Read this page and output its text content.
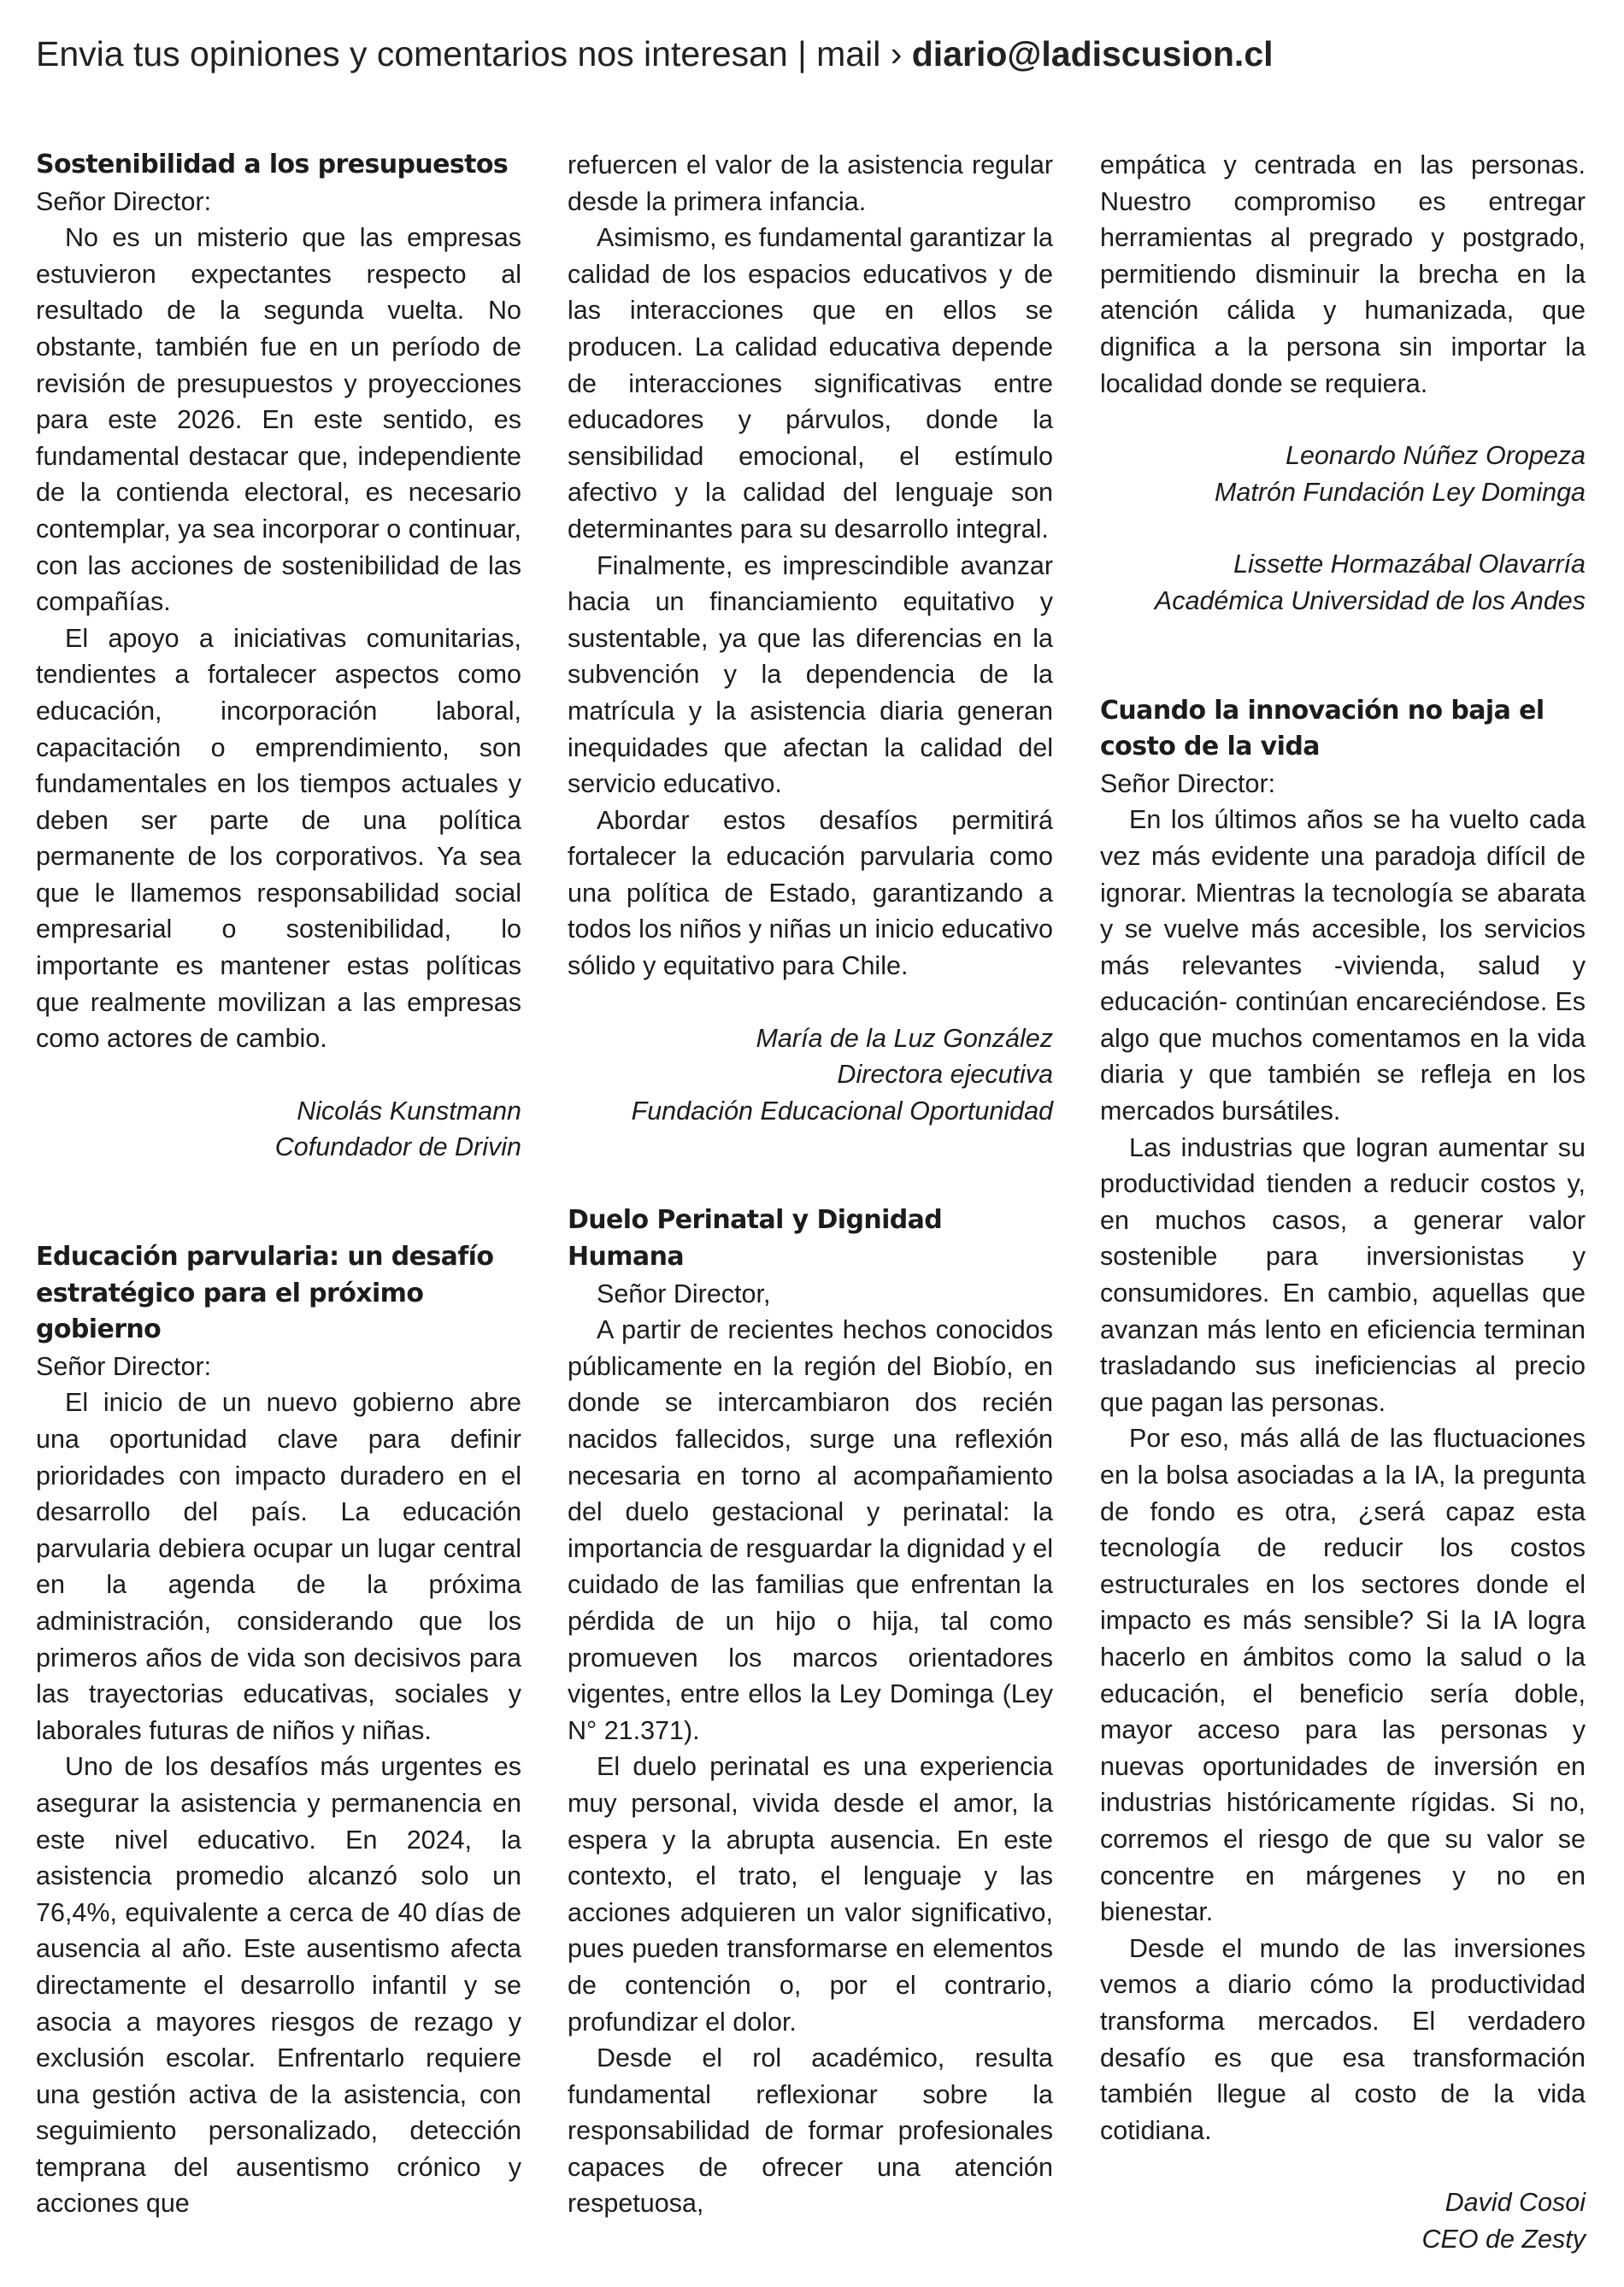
Envia tus opiniones y comentarios nos interesan | mail › diario@ladiscusion.cl
Sostenibilidad a los presupuestos

Señor Director:

No es un misterio que las empresas estuvieron expectantes respecto al resultado de la segunda vuelta. No obstante, también fue en un período de revisión de presupuestos y proyecciones para este 2026. En este sentido, es fundamental destacar que, independiente de la contienda electoral, es necesario contemplar, ya sea incorporar o continuar, con las acciones de sostenibilidad de las compañías.

El apoyo a iniciativas comunitarias, tendientes a fortalecer aspectos como educación, incorporación laboral, capacitación o emprendimiento, son fundamentales en los tiempos actuales y deben ser parte de una política permanente de los corporativos. Ya sea que le llamemos responsabilidad social empresarial o sostenibilidad, lo importante es mantener estas políticas que realmente movilizan a las empresas como actores de cambio.

Nicolás Kunstmann

Cofundador de Drivin

Educación parvularia: un desafío estratégico para el próximo gobierno

Señor Director:

El inicio de un nuevo gobierno abre una oportunidad clave para definir prioridades con impacto duradero en el desarrollo del país. La educación parvularia debiera ocupar un lugar central en la agenda de la próxima administración, considerando que los primeros años de vida son decisivos para las trayectorias educativas, sociales y laborales futuras de niños y niñas.

Uno de los desafíos más urgentes es asegurar la asistencia y permanencia en este nivel educativo. En 2024, la asistencia promedio alcanzó solo un 76,4%, equivalente a cerca de 40 días de ausencia al año. Este ausentismo afecta directamente el desarrollo infantil y se asocia a mayores riesgos de rezago y exclusión escolar. Enfrentarlo requiere una gestión activa de la asistencia, con seguimiento personalizado, detección temprana del ausentismo crónico y acciones que

refuercen el valor de la asistencia regular desde la primera infancia.

Asimismo, es fundamental garantizar la calidad de los espacios educativos y de las interacciones que en ellos se producen. La calidad educativa depende de interacciones significativas entre educadores y párvulos, donde la sensibilidad emocional, el estímulo afectivo y la calidad del lenguaje son determinantes para su desarrollo integral.

Finalmente, es imprescindible avanzar hacia un financiamiento equitativo y sustentable, ya que las diferencias en la subvención y la dependencia de la matrícula y la asistencia diaria generan inequidades que afectan la calidad del servicio educativo.

Abordar estos desafíos permitirá fortalecer la educación parvularia como una política de Estado, garantizando a todos los niños y niñas un inicio educativo sólido y equitativo para Chile.

María de la Luz González

Directora ejecutiva

Fundación Educacional Oportunidad

Duelo Perinatal y Dignidad Humana

Señor Director,

A partir de recientes hechos conocidos públicamente en la región del Biobío, en donde se intercambiaron dos recién nacidos fallecidos, surge una reflexión necesaria en torno al acompañamiento del duelo gestacional y perinatal: la importancia de resguardar la dignidad y el cuidado de las familias que enfrentan la pérdida de un hijo o hija, tal como promueven los marcos orientadores vigentes, entre ellos la Ley Dominga (Ley N° 21.371).

El duelo perinatal es una experiencia muy personal, vivida desde el amor, la espera y la abrupta ausencia. En este contexto, el trato, el lenguaje y las acciones adquieren un valor significativo, pues pueden transformarse en elementos de contención o, por el contrario, profundizar el dolor.

Desde el rol académico, resulta fundamental reflexionar sobre la responsabilidad de formar profesionales capaces de ofrecer una atención respetuosa,

empática y centrada en las personas. Nuestro compromiso es entregar herramientas al pregrado y postgrado, permitiendo disminuir la brecha en la atención cálida y humanizada, que dignifica a la persona sin importar la localidad donde se requiera.

Leonardo Núñez Oropeza

Matrón Fundación Ley Dominga

Lissette Hormazábal Olavarría

Académica Universidad de los Andes

Cuando la innovación no baja el costo de la vida

Señor Director:

En los últimos años se ha vuelto cada vez más evidente una paradoja difícil de ignorar. Mientras la tecnología se abarata y se vuelve más accesible, los servicios más relevantes -vivienda, salud y educación- continúan encareciéndose. Es algo que muchos comentamos en la vida diaria y que también se refleja en los mercados bursátiles.

Las industrias que logran aumentar su productividad tienden a reducir costos y, en muchos casos, a generar valor sostenible para inversionistas y consumidores. En cambio, aquellas que avanzan más lento en eficiencia terminan trasladando sus ineficiencias al precio que pagan las personas.

Por eso, más allá de las fluctuaciones en la bolsa asociadas a la IA, la pregunta de fondo es otra, ¿será capaz esta tecnología de reducir los costos estructurales en los sectores donde el impacto es más sensible? Si la IA logra hacerlo en ámbitos como la salud o la educación, el beneficio sería doble, mayor acceso para las personas y nuevas oportunidades de inversión en industrias históricamente rígidas. Si no, corremos el riesgo de que su valor se concentre en márgenes y no en bienestar.

Desde el mundo de las inversiones vemos a diario cómo la productividad transforma mercados. El verdadero desafío es que esa transformación también llegue al costo de la vida cotidiana.

David Cosoi

CEO de Zesty
